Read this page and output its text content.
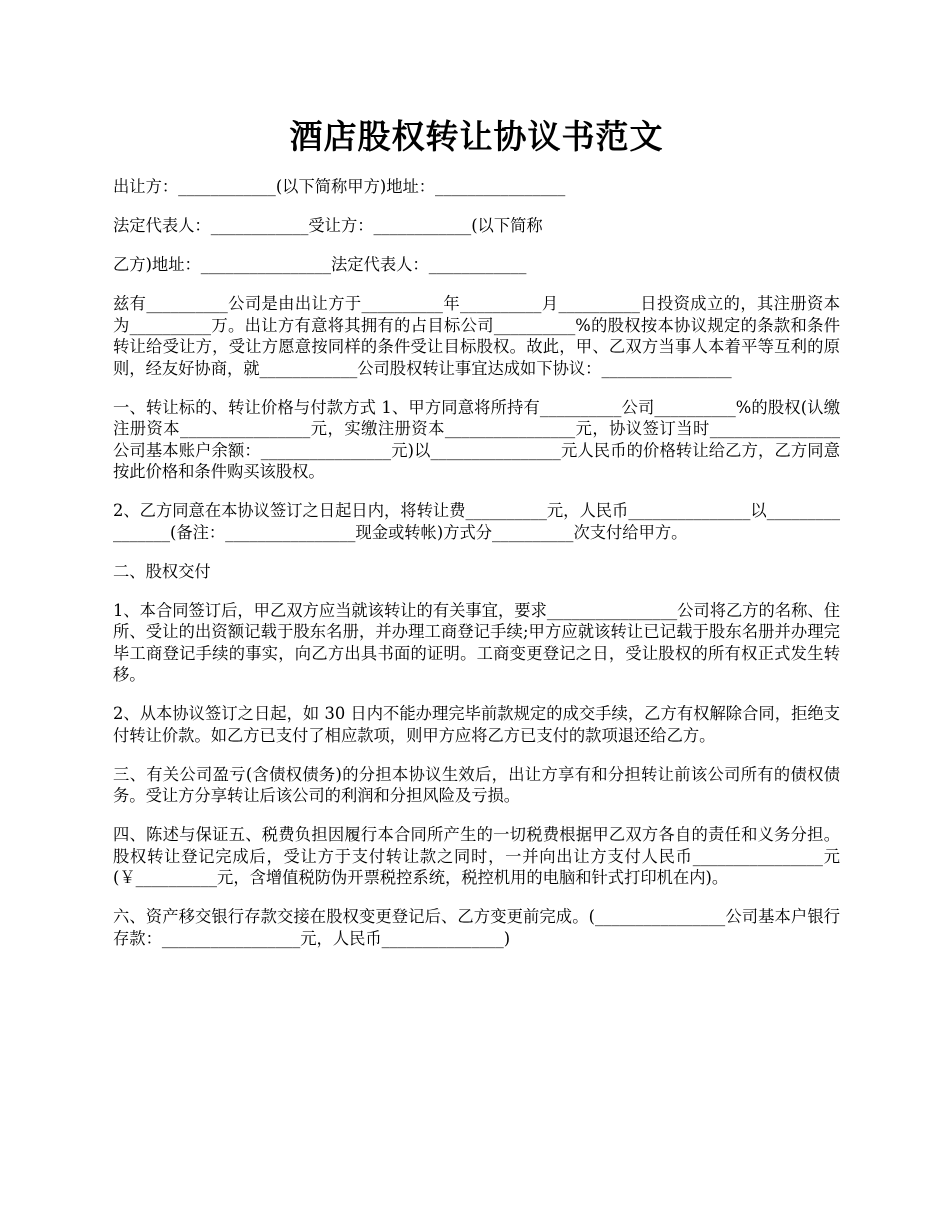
酒店股权转让协议书范文

出让方：____________(以下简称甲方)地址：________________

法定代表人：____________受让方：____________(以下简称

乙方)地址：________________法定代表人：____________

兹有__________公司是由出让方于__________年__________月__________日投资成立的，其注册资本为__________万。出让方有意将其拥有的占目标公司__________%的股权按本协议规定的条款和条件转让给受让方，受让方愿意按同样的条件受让目标股权。故此，甲、乙双方当事人本着平等互利的原则，经友好协商，就____________公司股权转让事宜达成如下协议：________________

一、转让标的、转让价格与付款方式 1、甲方同意将所持有__________公司__________%的股权(认缴注册资本________________元，实缴注册资本________________元，协议签订当时________________公司基本账户余额：________________元)以________________元人民币的价格转让给乙方，乙方同意按此价格和条件购买该股权。

2、乙方同意在本协议签订之日起日内，将转让费__________元，人民币_______________以________________(备注：________________现金或转帐)方式分__________次支付给甲方。

二、股权交付

1、本合同签订后，甲乙双方应当就该转让的有关事宜，要求________________公司将乙方的名称、住所、受让的出资额记载于股东名册，并办理工商登记手续;甲方应就该转让已记载于股东名册并办理完毕工商登记手续的事实，向乙方出具书面的证明。工商变更登记之日，受让股权的所有权正式发生转移。

2、从本协议签订之日起，如 30 日内不能办理完毕前款规定的成交手续，乙方有权解除合同，拒绝支付转让价款。如乙方已支付了相应款项，则甲方应将乙方已支付的款项退还给乙方。

三、有关公司盈亏(含债权债务)的分担本协议生效后，出让方享有和分担转让前该公司所有的债权债务。受让方分享转让后该公司的利润和分担风险及亏损。

四、陈述与保证五、税费负担因履行本合同所产生的一切税费根据甲乙双方各自的责任和义务分担。股权转让登记完成后，受让方于支付转让款之同时，一并向出让方支付人民币________________元(￥__________元，含增值税防伪开票税控系统，税控机用的电脑和针式打印机在内)。

六、资产移交银行存款交接在股权变更登记后、乙方变更前完成。(________________公司基本户银行存款：_________________元，人民币_______________)
